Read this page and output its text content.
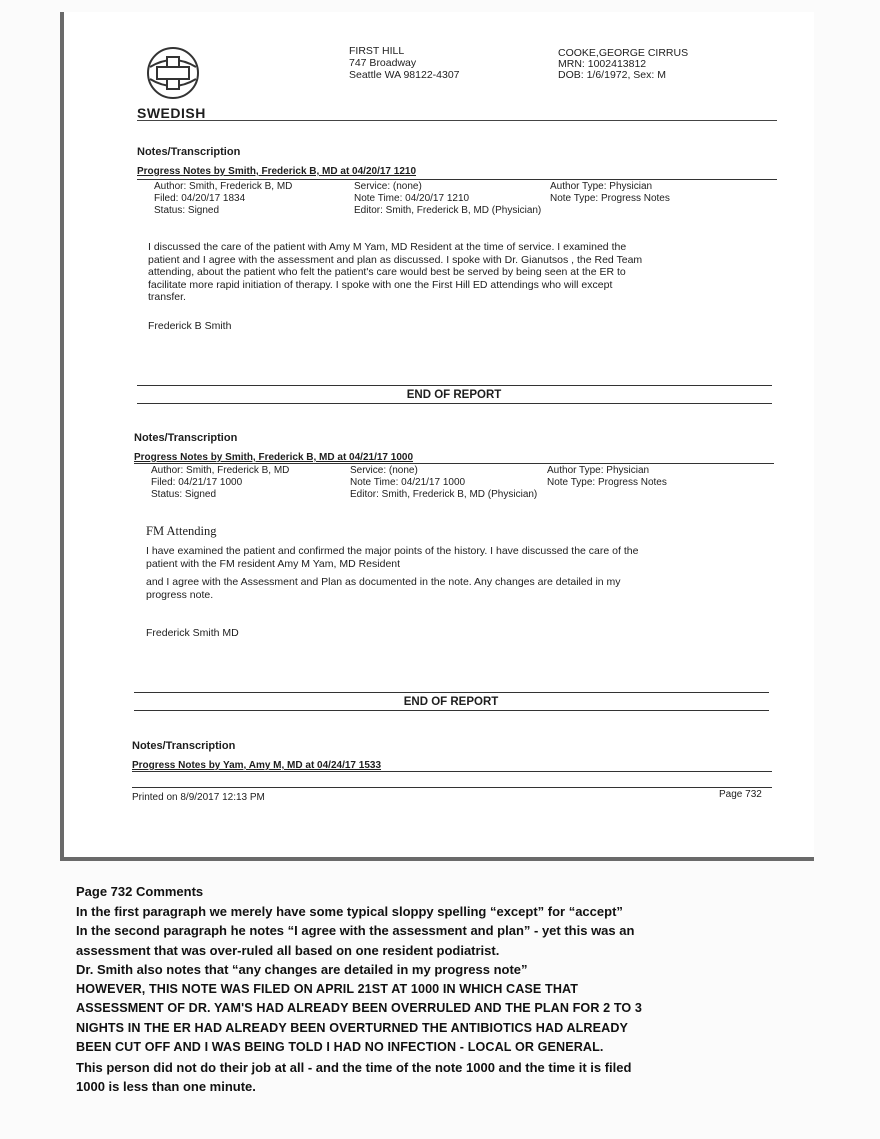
SWEDISH
FIRST HILL
747 Broadway
Seattle WA 98122-4307
COOKE,GEORGE CIRRUS
MRN: 1002413812
DOB: 1/6/1972, Sex: M
Notes/Transcription
Progress Notes by Smith, Frederick B, MD at 04/20/17 1210
Author: Smith, Frederick B, MD
Filed: 04/20/17 1834
Status: Signed
Service: (none)
Note Time: 04/20/17 1210
Editor: Smith, Frederick B, MD (Physician)
Author Type: Physician
Note Type: Progress Notes
I discussed the care of the patient with Amy M Yam, MD Resident at the time of service. I examined the
patient and I agree with the assessment and plan as discussed. I spoke with Dr. Gianutsos , the Red Team
attending, about the patient who felt the patient's care would best be served by being seen at the ER to
facilitate more rapid initiation of therapy. I spoke with one the First Hill ED attendings who will except
transfer.
Frederick B Smith
END OF REPORT
Notes/Transcription
Progress Notes by Smith, Frederick B, MD at 04/21/17 1000
Author: Smith, Frederick B, MD
Filed: 04/21/17 1000
Status: Signed
Service: (none)
Note Time: 04/21/17 1000
Editor: Smith, Frederick B, MD (Physician)
Author Type: Physician
Note Type: Progress Notes
FM Attending
I have examined the patient and confirmed the major points of the history. I have discussed the care of the
patient with the FM resident Amy M Yam, MD Resident
and I agree with the Assessment and Plan as documented in the note. Any changes are detailed in my
progress note.
Frederick Smith MD
END OF REPORT
Notes/Transcription
Progress Notes by Yam, Amy M, MD at 04/24/17 1533
Printed on 8/9/2017 12:13 PM	Page 732
Page 732 Comments
In the first paragraph we merely have some typical sloppy spelling “except” for “accept”
In the second paragraph he notes “I agree with the assessment and plan” - yet this was an
assessment that was over-ruled all based on one resident podiatrist.
Dr. Smith also notes that “any changes are detailed in my progress note”
HOWEVER, THIS NOTE WAS FILED ON APRIL 21ST AT 1000 IN WHICH CASE THAT
ASSESSMENT OF DR. YAM'S HAD ALREADY BEEN OVERRULED AND THE PLAN FOR 2 TO 3
NIGHTS IN THE ER HAD ALREADY BEEN OVERTURNED THE ANTIBIOTICS HAD ALREADY
BEEN CUT OFF AND I WAS BEING TOLD I HAD NO INFECTION - LOCAL OR GENERAL.
This person did not do their job at all - and the time of the note 1000 and the time it is filed
1000 is less than one minute.
